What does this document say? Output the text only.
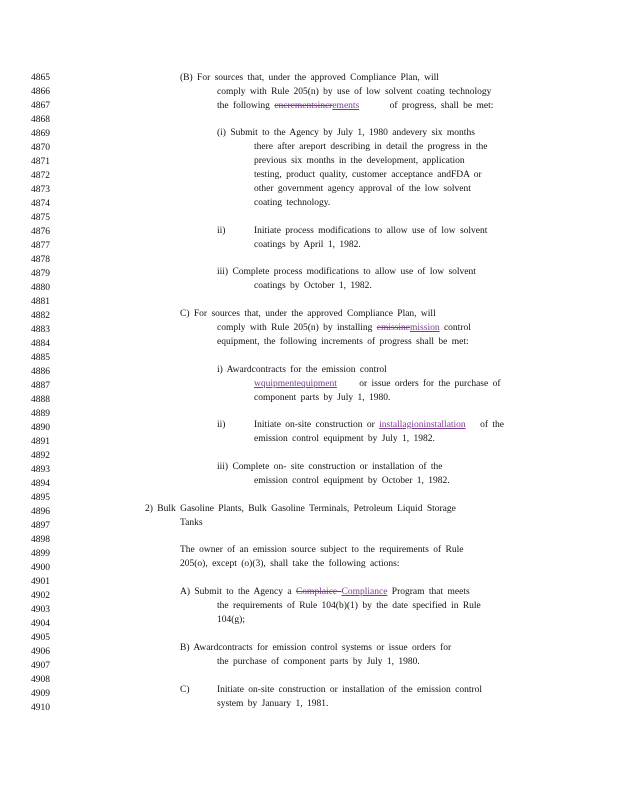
4865
4866
4867
4868
4869
4870
4871
4872
4873
4874
4875
4876
4877
4878
4879
4880
4881
4882
4883
4884
4885
4886
4887
4888
4889
4890
4891
4892
4893
4894
4895
4896
4897
4898
4899
4900
4901
4902
4903
4904
4905
4906
4907
4908
4909
4910
(B) For sources that, under the approved Compliance Plan, will
comply with Rule 205(n) by use of low solvent coating technology
the following encrementsincrements	of progress, shall be met:
(i) Submit to the Agency by July 1, 1980 andevery six months
there after areport describing in detail the progress in the
previous six months in the development, application
testing, product quality, customer acceptance andFDA or
other government agency approval of the low solvent
coating technology.
ii)	Initiate process modifications to allow use of low solvent
coatings by April 1, 1982.
iii) Complete process modifications to allow use of low solvent
coatings by October 1, 1982.
C) For sources that, under the approved Compliance Plan, will
comply with Rule 205(n) by installing emissinemission control
equipment, the following increments of progress shall be met:
i) Awardcontracts for the emission control
wquipmentequipment or issue orders for the purchase of
component parts by July 1, 1980.
ii)	Initiate on-site construction or installagioninstallation of the
emission control equipment by July 1, 1982.
iii) Complete on- site construction or installation of the
emission control equipment by October 1, 1982.
2) Bulk Gasoline Plants, Bulk Gasoline Terminals, Petroleum Liquid Storage
Tanks
The owner of an emission source subject to the requirements of Rule
205(o), except (o)(3), shall take the following actions:
A) Submit to the Agency a Complaice Compliance Program that meets
the requirements of Rule 104(b)(1) by the date specified in Rule
104(g);
B) Awardcontracts for emission control systems or issue orders for
the purchase of component parts by July 1, 1980.
C)	Initiate on-site construction or installation of the emission control
system by January 1, 1981.
